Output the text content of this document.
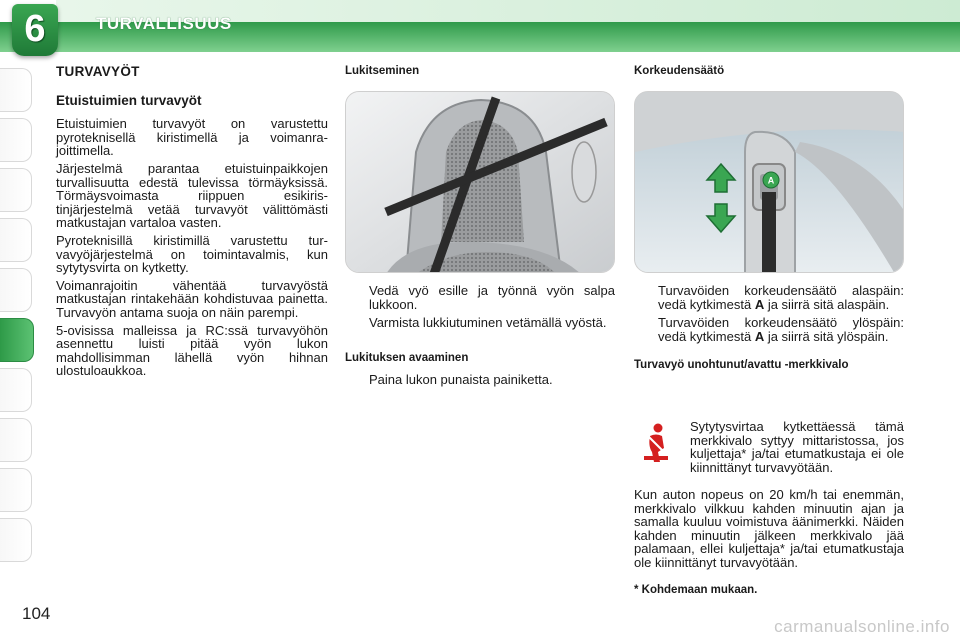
6	TURVALLISUUS
104
TURVAVYÖT
Etuistuimien turvavyöt

Etuistuimien turvavyöt on varustettu pyroteknisellä kiristimellä ja voimanrajoittimella.

Järjestelmä parantaa etuistuinpaikkojen turvallisuutta edestä tulevissa törmäyksissä. Törmäysvoimasta riippuen esikiristinjärjestelmä vetää turvavyöt välittömästi matkustajan vartaloa vasten.

Pyroteknisillä kiristimillä varustettu turvavyöjärjestelmä on toimintavalmis, kun sytytysvirta on kytketty.

Voimanrajoitin vähentää turvavyöstä matkustajan rintakehään kohdistuvaa painetta. Turvavyön antama suoja on näin parempi.

5-ovisissa malleissa ja RC:ssä turvavyöhön asennettu luisti pitää vyön lukon mahdollisimman lähellä vyön hihnan ulostuloaukkoa.

Lukitseminen
Vedä vyö esille ja työnnä vyön salpa lukkoon.
Varmista lukkiutuminen vetämällä vyöstä.
Lukituksen avaaminen
Paina lukon punaista painiketta.
Korkeudensäätö
A
Turvavöiden korkeudensäätö alaspäin: vedä kytkimestä A ja siirrä sitä alaspäin.
Turvavöiden korkeudensäätö ylöspäin: vedä kytkimestä A ja siirrä sitä ylöspäin.
Turvavyö unohtunut/avattu -merkkivalo

Sytytysvirtaa kytkettäessä tämä merkkivalo syttyy mittaristossa, jos kuljettaja* ja/tai etumatkustaja ei ole kiinnittänyt turvavyötään.

Kun auton nopeus on 20 km/h tai enemmän, merkkivalo vilkkuu kahden minuutin ajan ja samalla kuuluu voimistuva äänimerkki. Näiden kahden minuutin jälkeen merkkivalo jää palamaan, ellei kuljettaja* ja/tai etumatkustaja ole kiinnittänyt turvavyötään.

* Kohdemaan mukaan.
carmanualsonline.info
